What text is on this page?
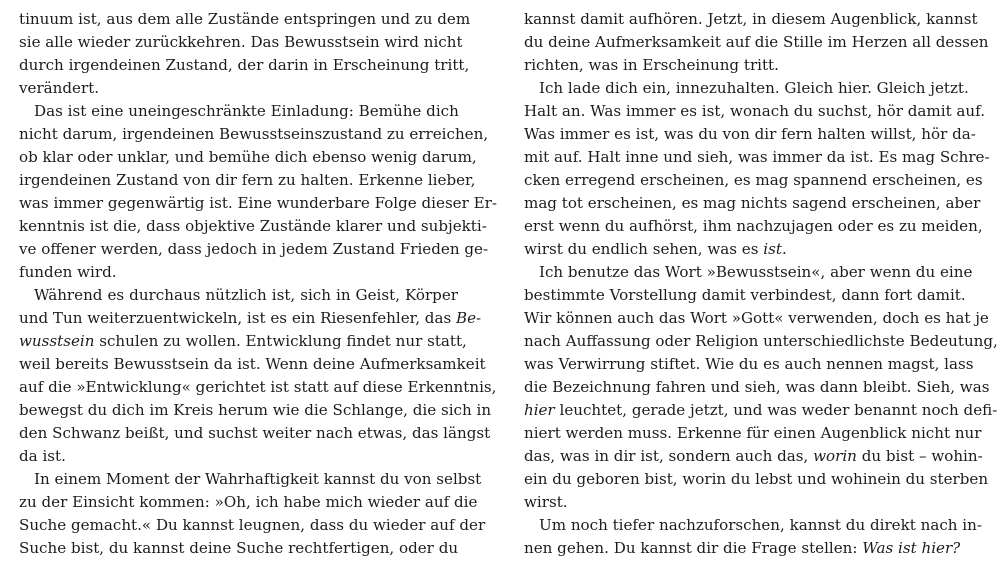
tinuum ist, aus dem alle Zustände entspringen und zu dem
sie alle wieder zurückkehren. Das Bewusstsein wird nicht
durch irgendeinen Zustand, der darin in Erscheinung tritt,
verändert.
Das ist eine uneingeschränkte Einladung: Bemühe dich
nicht darum, irgendeinen Bewusstseinszustand zu erreichen,
ob klar oder unklar, und bemühe dich ebenso wenig darum,
irgendeinen Zustand von dir fern zu halten. Erkenne lieber,
was immer gegenwärtig ist. Eine wunderbare Folge dieser Er-
kenntnis ist die, dass objektive Zustände klarer und subjekti-
ve offener werden, dass jedoch in jedem Zustand Frieden ge-
funden wird.
Während es durchaus nützlich ist, sich in Geist, Körper
und Tun weiterzuentwickeln, ist es ein Riesenfehler, das Be-
wusstsein schulen zu wollen. Entwicklung findet nur statt,
weil bereits Bewusstsein da ist. Wenn deine Aufmerksamkeit
auf die »Entwicklung« gerichtet ist statt auf diese Erkenntnis,
bewegst du dich im Kreis herum wie die Schlange, die sich in
den Schwanz beißt, und suchst weiter nach etwas, das längst
da ist.
In einem Moment der Wahrhaftigkeit kannst du von selbst
zu der Einsicht kommen: »Oh, ich habe mich wieder auf die
Suche gemacht.« Du kannst leugnen, dass du wieder auf der
Suche bist, du kannst deine Suche rechtfertigen, oder du
kannst damit aufhören. Jetzt, in diesem Augenblick, kannst
du deine Aufmerksamkeit auf die Stille im Herzen all dessen
richten, was in Erscheinung tritt.
Ich lade dich ein, innezuhalten. Gleich hier. Gleich jetzt.
Halt an. Was immer es ist, wonach du suchst, hör damit auf.
Was immer es ist, was du von dir fern halten willst, hör da-
mit auf. Halt inne und sieh, was immer da ist. Es mag Schre-
cken erregend erscheinen, es mag spannend erscheinen, es
mag tot erscheinen, es mag nichts sagend erscheinen, aber
erst wenn du aufhörst, ihm nachzujagen oder es zu meiden,
wirst du endlich sehen, was es ist.
Ich benutze das Wort »Bewusstsein«, aber wenn du eine
bestimmte Vorstellung damit verbindest, dann fort damit.
Wir können auch das Wort »Gott« verwenden, doch es hat je
nach Auffassung oder Religion unterschiedlichste Bedeutung,
was Verwirrung stiftet. Wie du es auch nennen magst, lass
die Bezeichnung fahren und sieh, was dann bleibt. Sieh, was
hier leuchtet, gerade jetzt, und was weder benannt noch defi-
niert werden muss. Erkenne für einen Augenblick nicht nur
das, was in dir ist, sondern auch das, worin du bist – wohin-
ein du geboren bist, worin du lebst und wohinein du sterben
wirst.
Um noch tiefer nachzuforschen, kannst du direkt nach in-
nen gehen. Du kannst dir die Frage stellen: Was ist hier?
